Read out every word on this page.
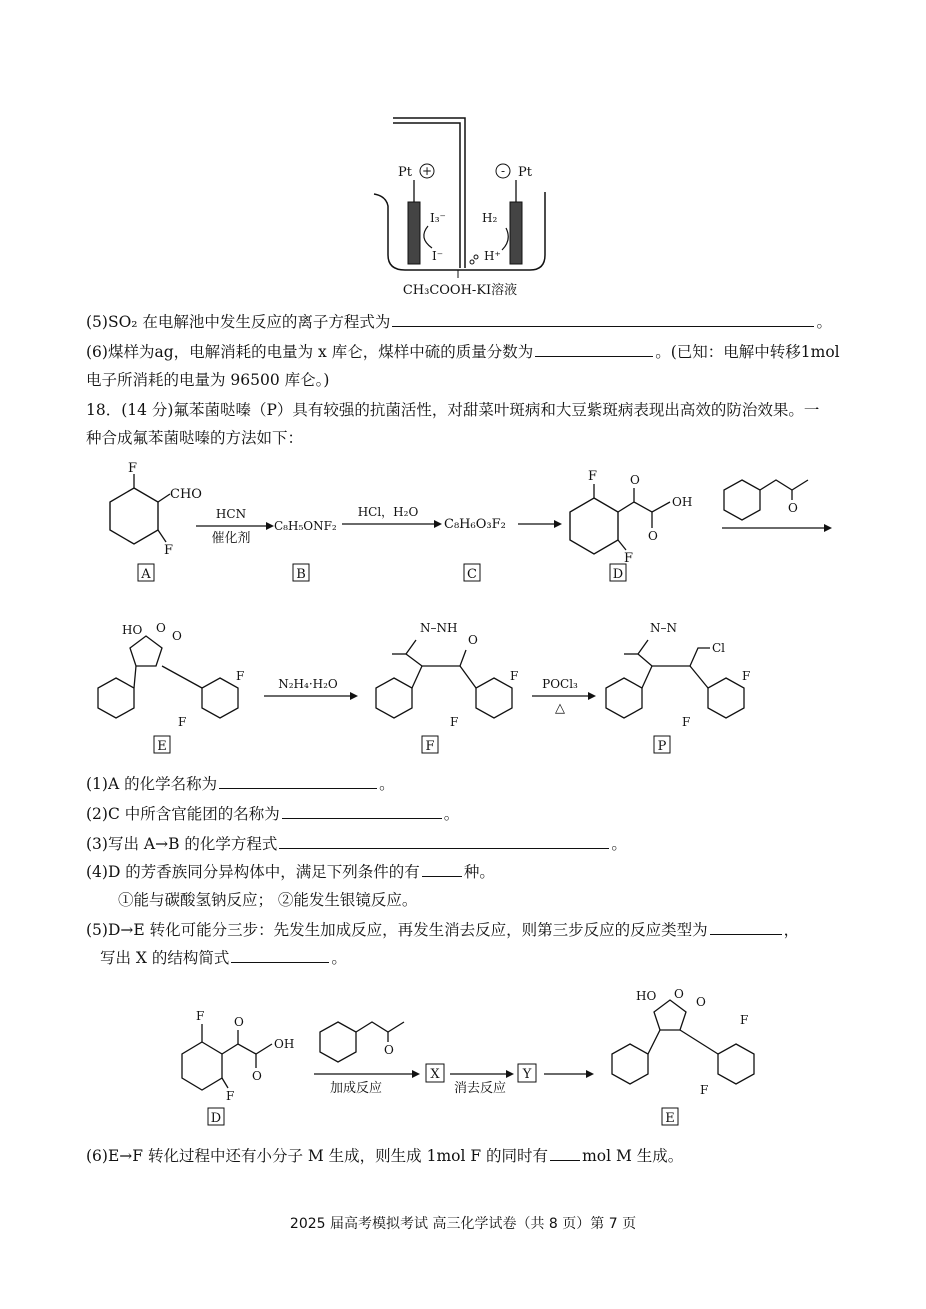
+	-
Pt	Pt
I₃⁻
I⁻
H₂
H⁺
CH₃COOH-KI溶液
(5)SO₂ 在电解池中发生反应的离子方程式为	。
(6)煤样为ag，电解消耗的电量为 x 库仑，煤样中硫的质量分数为	。(已知：电解中转移1mol
电子所消耗的电量为 96500 库仑。)
18．(14 分)氟苯菌哒嗪（P）具有较强的抗菌活性，对甜菜叶斑病和大豆紫斑病表现出高效的防治效果。一
种合成氟苯菌哒嗪的方法如下：
F
CHO
F
A
HCN
催化剂
C₈H₅ONF₂
B
HCl，H₂O
C₈H₆O₃F₂
C
F
F
O
O
OH
D
O
HO O
O
F
F
E
N₂H₄·H₂O
N–NH
O
F
F
F
POCl₃
△
N–N
Cl
F
F
P
(1)A 的化学名称为	。
(2)C 中所含官能团的名称为	。
(3)写出 A→B 的化学方程式	。
(4)D 的芳香族同分异构体中，满足下列条件的有	种。
①能与碳酸氢钠反应； ②能发生银镜反应。
(5)D→E 转化可能分三步：先发生加成反应，再发生消去反应，则第三步反应的反应类型为	，
写出 X 的结构简式	。
F
F
O
O
OH
D
O
加成反应
X
消去反应
Y
HO O
O
F
F
E
(6)E→F 转化过程中还有小分子 M 生成，则生成 1mol F 的同时有 mol M 生成。
2025 届高考模拟考试 高三化学试卷（共 8 页）第 7 页
